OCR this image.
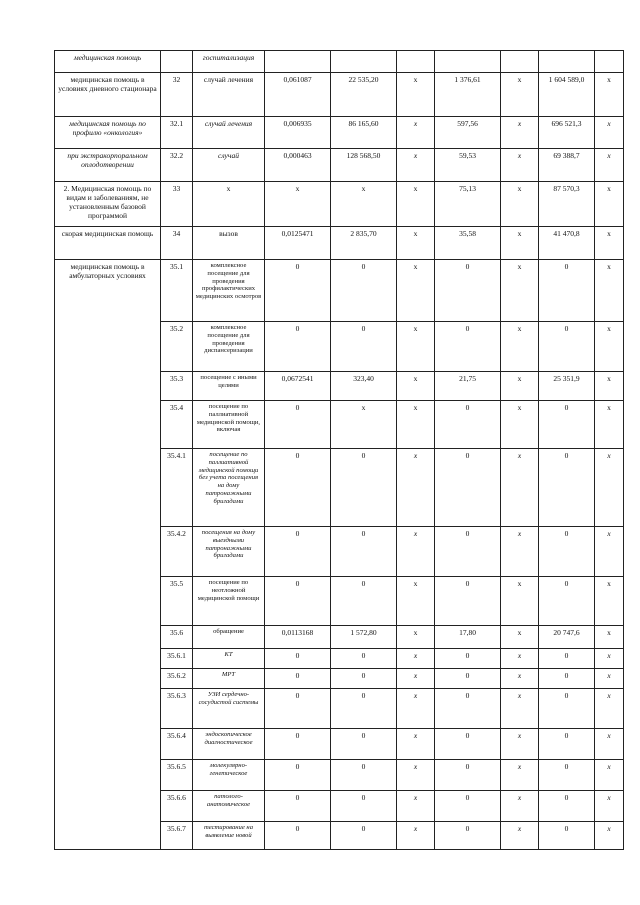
медицинская помощь		госпитализация							
медицинская помощь в условиях дневного стационара	32	случай лечения	0,061087	22 535,20	х	1 376,61	х	1 604 589,0	х
медицинская помощь по профилю «онкология»	32.1	случай лечения	0,006935	86 165,60	х	597,56	х	696 521,3	х
при экстракорпоральном оплодотворении	32.2	случай	0,000463	128 568,50	х	59,53	х	69 388,7	х
2. Медицинская помощь по видам и заболеваниям, не установленным базовой программой	33	х	х	х	х	75,13	х	87 570,3	х
скорая медицинская помощь	34	вызов	0,0125471	2 835,70	х	35,58	х	41 470,8	х
медицинская помощь в амбулаторных условиях	35.1	комплексное посещение для проведения профилактических медицинских осмотров	0	0	х	0	х	0	х
	35.2	комплексное посещение для проведения диспансеризации	0	0	х	0	х	0	х
	35.3	посещение с иными целями	0,0672541	323,40	х	21,75	х	25 351,9	х
	35.4	посещение по паллиативной медицинской помощи, включая	0	х	х	0	х	0	х
	35.4.1	посещение по паллиативной медицинской помощи без учета посещения на дому патронажными бригадами	0	0	х	0	х	0	х
	35.4.2	посещения на дому выездными патронажными бригадами	0	0	х	0	х	0	х
	35.5	посещение по неотложной медицинской помощи	0	0	х	0	х	0	х
	35.6	обращение	0,0113168	1 572,80	х	17,80	х	20 747,6	х
	35.6.1	КТ	0	0	х	0	х	0	х
	35.6.2	МРТ	0	0	х	0	х	0	х
	35.6.3	УЗИ сердечно-сосудистой системы	0	0	х	0	х	0	х
	35.6.4	эндоскопическое диагностическое	0	0	х	0	х	0	х
	35.6.5	молекулярно-генетическое	0	0	х	0	х	0	х
	35.6.6	патолого-анатомическое	0	0	х	0	х	0	х
	35.6.7	тестирование на выявление новой	0	0	х	0	х	0	х
